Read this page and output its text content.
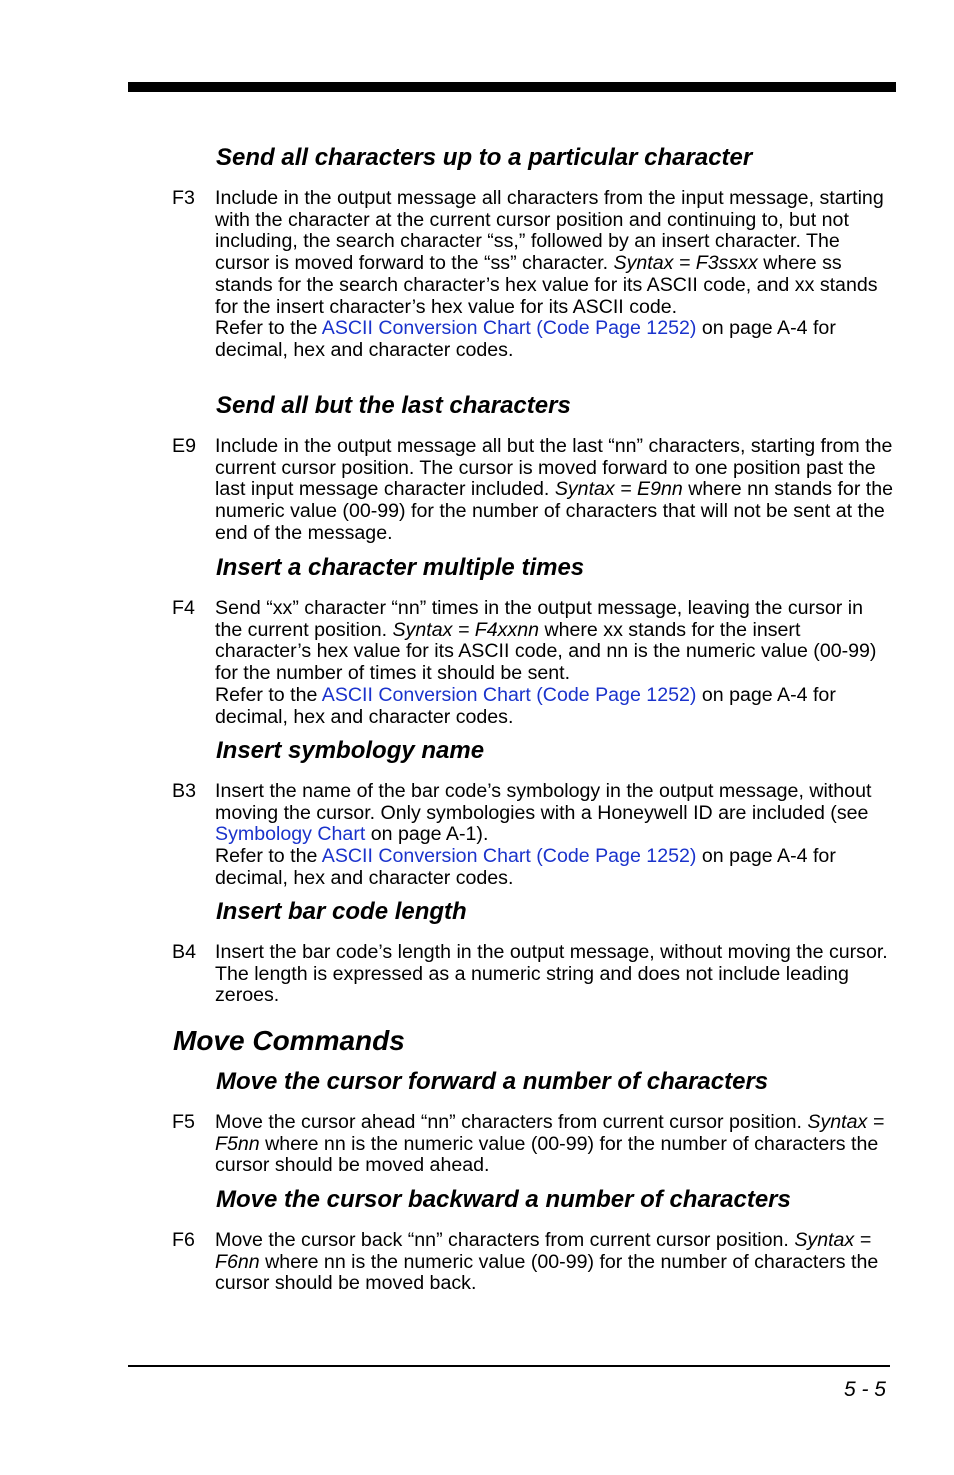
Send all characters up to a particular character
F3	Include in the output message all characters from the input message, starting with the character at the current cursor position and continuing to, but not including, the search character “ss,” followed by an insert character. The cursor is moved forward to the “ss” character. Syntax = F3ssxx where ss stands for the search character’s hex value for its ASCII code, and xx stands for the insert character’s hex value for its ASCII code.
Refer to the ASCII Conversion Chart (Code Page 1252) on page A-4 for decimal, hex and character codes.
Send all but the last characters
E9 Include in the output message all but the last “nn” characters, starting from the current cursor position. The cursor is moved forward to one position past the last input message character included. Syntax = E9nn where nn stands for the numeric value (00-99) for the number of characters that will not be sent at the end of the message.
Insert a character multiple times
F4	Send “xx” character “nn” times in the output message, leaving the cursor in the current position. Syntax = F4xxnn where xx stands for the insert character’s hex value for its ASCII code, and nn is the numeric value (00-99) for the number of times it should be sent.
Refer to the ASCII Conversion Chart (Code Page 1252) on page A-4 for decimal, hex and character codes.
Insert symbology name
B3 Insert the name of the bar code’s symbology in the output message, without moving the cursor. Only symbologies with a Honeywell ID are included (see Symbology Chart on page A-1).
Refer to the ASCII Conversion Chart (Code Page 1252) on page A-4 for decimal, hex and character codes.
Insert bar code length
B4 Insert the bar code’s length in the output message, without moving the cursor. The length is expressed as a numeric string and does not include leading zeroes.
Move Commands
Move the cursor forward a number of characters
F5	Move the cursor ahead “nn” characters from current cursor position. Syntax = F5nn where nn is the numeric value (00-99) for the number of characters the cursor should be moved ahead.
Move the cursor backward a number of characters
F6	Move the cursor back “nn” characters from current cursor position. Syntax = F6nn where nn is the numeric value (00-99) for the number of characters the cursor should be moved back.
5 - 5
